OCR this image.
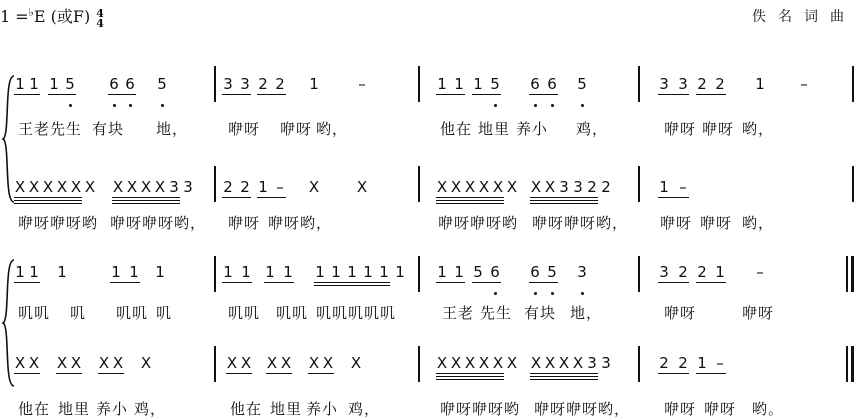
1 =♭E (或F) 4
4	佚名词曲
1 1 1 5 6 6 5	3 3 2 2 1	–	1 1 1 5 6 6 5	3 3 2 2 1 –
X X X X X X X X X X 3 3 2 2 1 – X	X	X X X X X X X X 3 3 2 2	1 –
1 1 1	1 1 1	1 1 1 1 1 1 1 1 1 1 1 1 5 6 6 5 3	3 2 2 1 –
X X X X X X X	X X X X X X X	X X X X X X X X X X 3 3	2 2 1 –
王老先生 有块 地，	咿呀 咿呀 哟，	他在 地里 养小 鸡，	咿呀 咿呀 哟，
咿呀咿呀哟 咿呀咿呀哟， 咿呀 咿呀 哟，	咿呀咿呀哟 咿呀咿呀哟， 咿呀 咿呀 哟，
叽叽 叽 叽叽 叽	叽叽 叽叽 叽叽叽叽叽	王老 先生 有块 地，	咿呀	咿呀
他在 地里 养小 鸡，	他在 地里 养小 鸡，	咿呀咿呀哟 咿呀咿呀哟， 咿呀 咿呀 哟。
